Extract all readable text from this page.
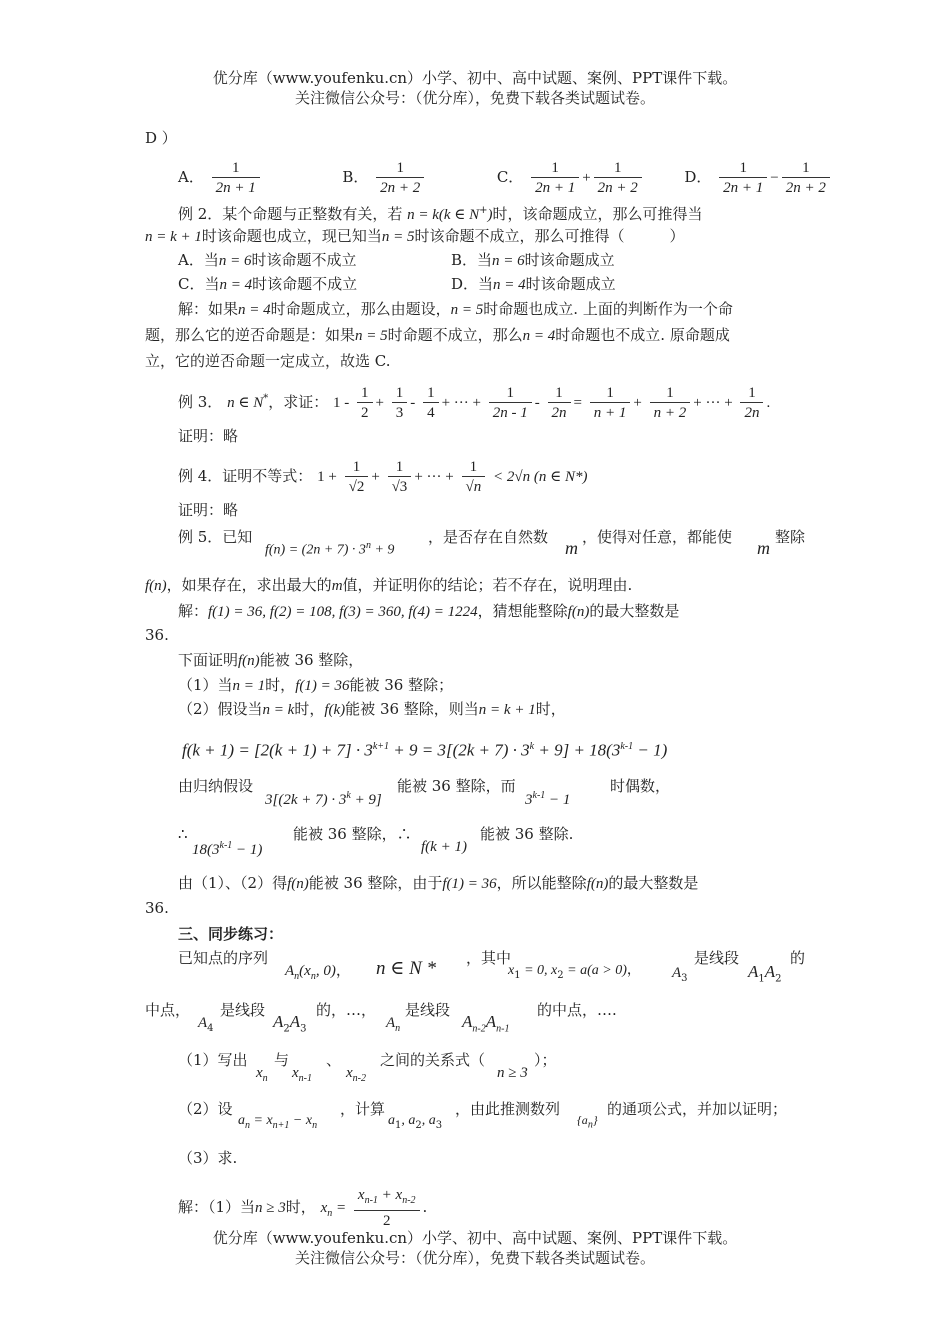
优分库（www.youfenku.cn）小学、初中、高中试题、案例、PPT课件下载。
关注微信公众号：（优分库），免费下载各类试题试卷。
D ）
A． $\frac{1}{2n + 1}$	B． $\frac{1}{2n + 2}$	C． $\frac{1}{2n + 1} + \frac{1}{2n + 2}$	D． $\frac{1}{2n + 1} - \frac{1}{2n + 2}$
例 2．某个命题与正整数有关，若 n = k(k ∈ N+)时，该命题成立，那么可推得当
n = k + 1时该命题也成立，现已知当n = 5时该命题不成立，那么可推得（　　　）
A．当n = 6时该命题不成立	B．当n = 6时该命题成立
C．当n = 4时该命题不成立	D．当n = 4时该命题成立
解：如果n = 4时命题成立，那么由题设，n = 5时命题也成立. 上面的判断作为一个命
题，那么它的逆否命题是：如果n = 5时命题不成立，那么n = 4时命题也不成立. 原命题成
立，它的逆否命题一定成立，故选 C.
例 3． n ∈ N*，求证： $1 - \frac{1}{2} + \frac{1}{3} - \frac{1}{4}$ + ··· + $\frac{1}{2n - 1} - \frac{1}{2n} = \frac{1}{n + 1} + \frac{1}{n + 2}$ + ··· + $\frac{1}{2n}$ .
证明：略
例 4．证明不等式： $1 + \frac{1}{√2} + \frac{1}{√3}$ + ··· + $\frac{1}{√n} < 2√n$ (n ∈ N*)
证明：略
例 5．已知
$f(n) = (2n + 7) \cdot 3^n + 9$
，是否存在自然数
m
，使得对任意，都能使
m
整除
f(n)，如果存在，求出最大的m值，并证明你的结论；若不存在，说明理由.
解：f(1) = 36, f(2) = 108, f(3) = 360, f(4) = 1224，猜想能整除f(n)的最大整数是
36.
下面证明f(n)能被 36 整除，
（1）当n = 1时，f(1) = 36能被 36 整除；
（2）假设当n = k时，f(k)能被 36 整除，则当n = k + 1时，
$f(k + 1) = [2(k + 1) + 7] \cdot 3^{k+1} + 9 = 3[(2k + 7) \cdot 3^k + 9] + 18(3^{k-1} - 1)$
由归纳假设
$3[(2k + 7) \cdot 3^k + 9]$
能被 36 整除，而
$3^{k-1} - 1$
时偶数，
∴
$18(3^{k-1} - 1)$
能被 36 整除，∴
f(k + 1)
能被 36 整除.
由（1）、（2）得f(n)能被 36 整除，由于f(1) = 36，所以能整除f(n)的最大整数是
36.
三、同步练习：
已知点的序列
$A_n(x_n$, 0)， n ∈ N * ，其中
$x_1 = 0$, $x_2 = a(a > 0)$， $A_3$
是线段
$A_1A_2$
的
中点，
$A_4$
是线段
$A_2A_3$
的，…，
$A_n$
是线段
$A_{n-2}A_{n-1}$
的中点，….
（1）写出
$x_n$
与
$x_{n-1}$
、
$x_{n-2}$
之间的关系式（
n ≥ 3
）；
（2）设
$a_n = x_{n+1} - x_n$
，计算
$a_1$, $a_2$, $a_3$
，由此推测数列
$\{a_n\}$
的通项公式，并加以证明；
（3）求.
解：（1）当n ≥ 3时， $x_n = \frac{x_{n-1} + x_{n-2}}{2}$ .
优分库（www.youfenku.cn）小学、初中、高中试题、案例、PPT课件下载。
关注微信公众号：（优分库），免费下载各类试题试卷。
